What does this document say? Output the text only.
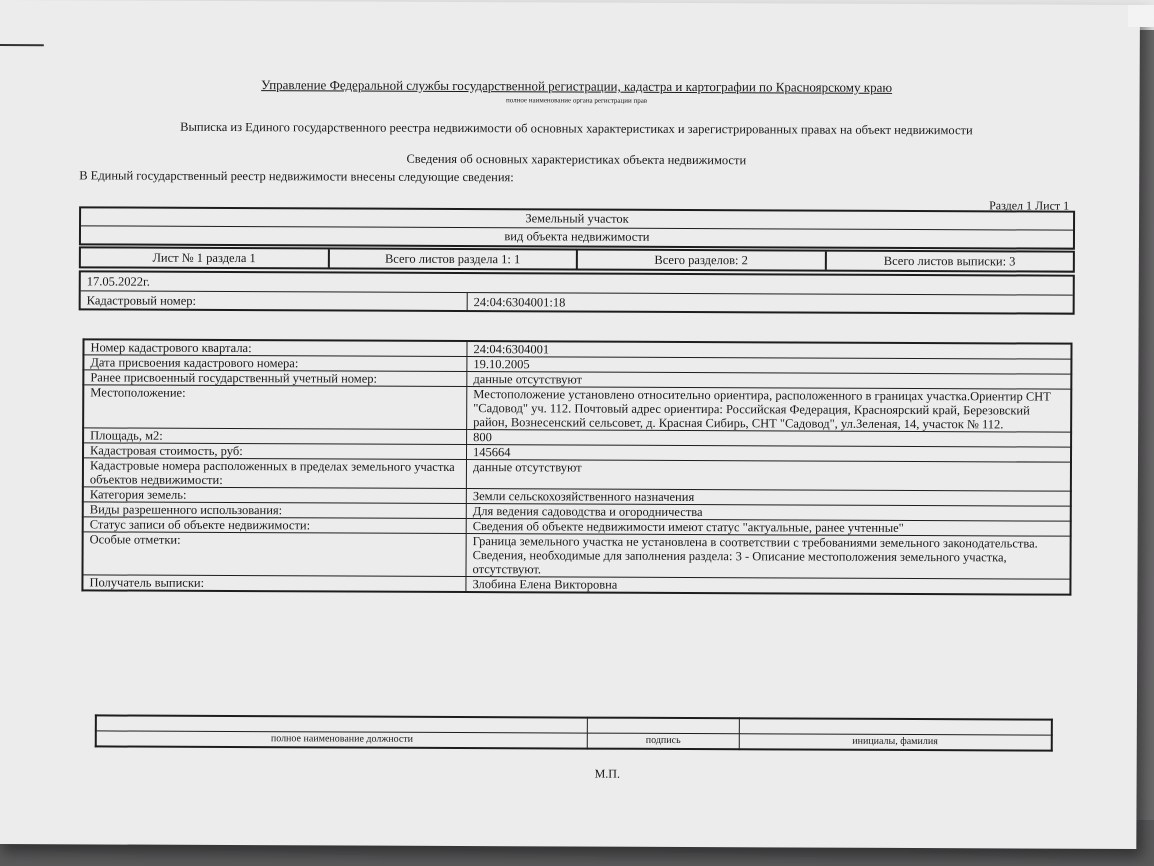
Управление Федеральной службы государственной регистрации, кадастра и картографии по Красноярскому краю
полное наименование органа регистрации прав
Выписка из Единого государственного реестра недвижимости об основных характеристиках и зарегистрированных правах на объект недвижимости
Сведения об основных характеристиках объекта недвижимости
В Единый государственный реестр недвижимости внесены следующие сведения:
Раздел 1 Лист 1
Земельный участок
вид объекта недвижимости
Лист № 1 раздела 1	Всего листов раздела 1: 1	Всего разделов: 2	Всего листов выписки: 3
17.05.2022г.
Кадастровый номер:	24:04:6304001:18
Номер кадастрового квартала:	24:04:6304001
Дата присвоения кадастрового номера:	19.10.2005
Ранее присвоенный государственный учетный номер:	данные отсутствуют
Местоположение:	Местоположение установлено относительно ориентира, расположенного в границах участка.Ориентир СНТ "Садовод" уч. 112. Почтовый адрес ориентира: Российская Федерация, Красноярский край, Березовский район, Вознесенский сельсовет, д. Красная Сибирь, СНТ "Садовод", ул.Зеленая, 14, участок № 112.
Площадь, м2:	800
Кадастровая стоимость, руб:	145664
Кадастровые номера расположенных в пределах земельного участка объектов недвижимости:	данные отсутствуют
Категория земель:	Земли сельскохозяйственного назначения
Виды разрешенного использования:	Для ведения садоводства и огородничества
Статус записи об объекте недвижимости:	Сведения об объекте недвижимости имеют статус "актуальные, ранее учтенные"
Особые отметки:	Граница земельного участка не установлена в соответствии с требованиями земельного законодательства. Сведения, необходимые для заполнения раздела: 3 - Описание местоположения земельного участка, отсутствуют.
Получатель выписки:	Злобина Елена Викторовна

полное наименование должности	подпись	инициалы, фамилия
М.П.
